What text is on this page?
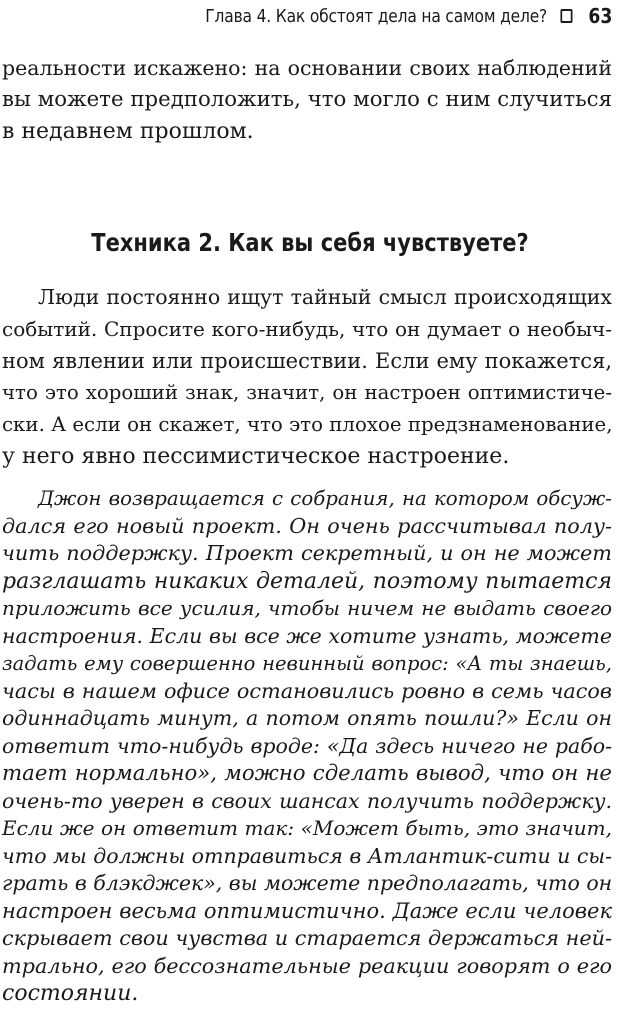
Глава 4. Как обстоят дела на самом деле? 63
реальности искажено: на основании своих наблюдений
вы можете предположить, что могло с ним случиться
в недавнем прошлом.
Техника 2. Как вы себя чувствуете?
Люди постоянно ищут тайный смысл происходящих
событий. Спросите кого-нибудь, что он думает о необыч-
ном явлении или происшествии. Если ему покажется,
что это хороший знак, значит, он настроен оптимистиче-
ски. А если он скажет, что это плохое предзнаменование,
у него явно пессимистическое настроение.
Джон возвращается с собрания, на котором обсуж-
дался его новый проект. Он очень рассчитывал полу-
чить поддержку. Проект секретный, и он не может
разглашать никаких деталей, поэтому пытается
приложить все усилия, чтобы ничем не выдать своего
настроения. Если вы все же хотите узнать, можете
задать ему совершенно невинный вопрос: «А ты знаешь,
часы в нашем офисе остановились ровно в семь часов
одиннадцать минут, а потом опять пошли?» Если он
ответит что-нибудь вроде: «Да здесь ничего не рабо-
тает нормально», можно сделать вывод, что он не
очень-то уверен в своих шансах получить поддержку.
Если же он ответит так: «Может быть, это значит,
что мы должны отправиться в Атлантик-сити и сы-
грать в блэкджек», вы можете предполагать, что он
настроен весьма оптимистично. Даже если человек
скрывает свои чувства и старается держаться ней-
трально, его бессознательные реакции говорят о его
состоянии.
